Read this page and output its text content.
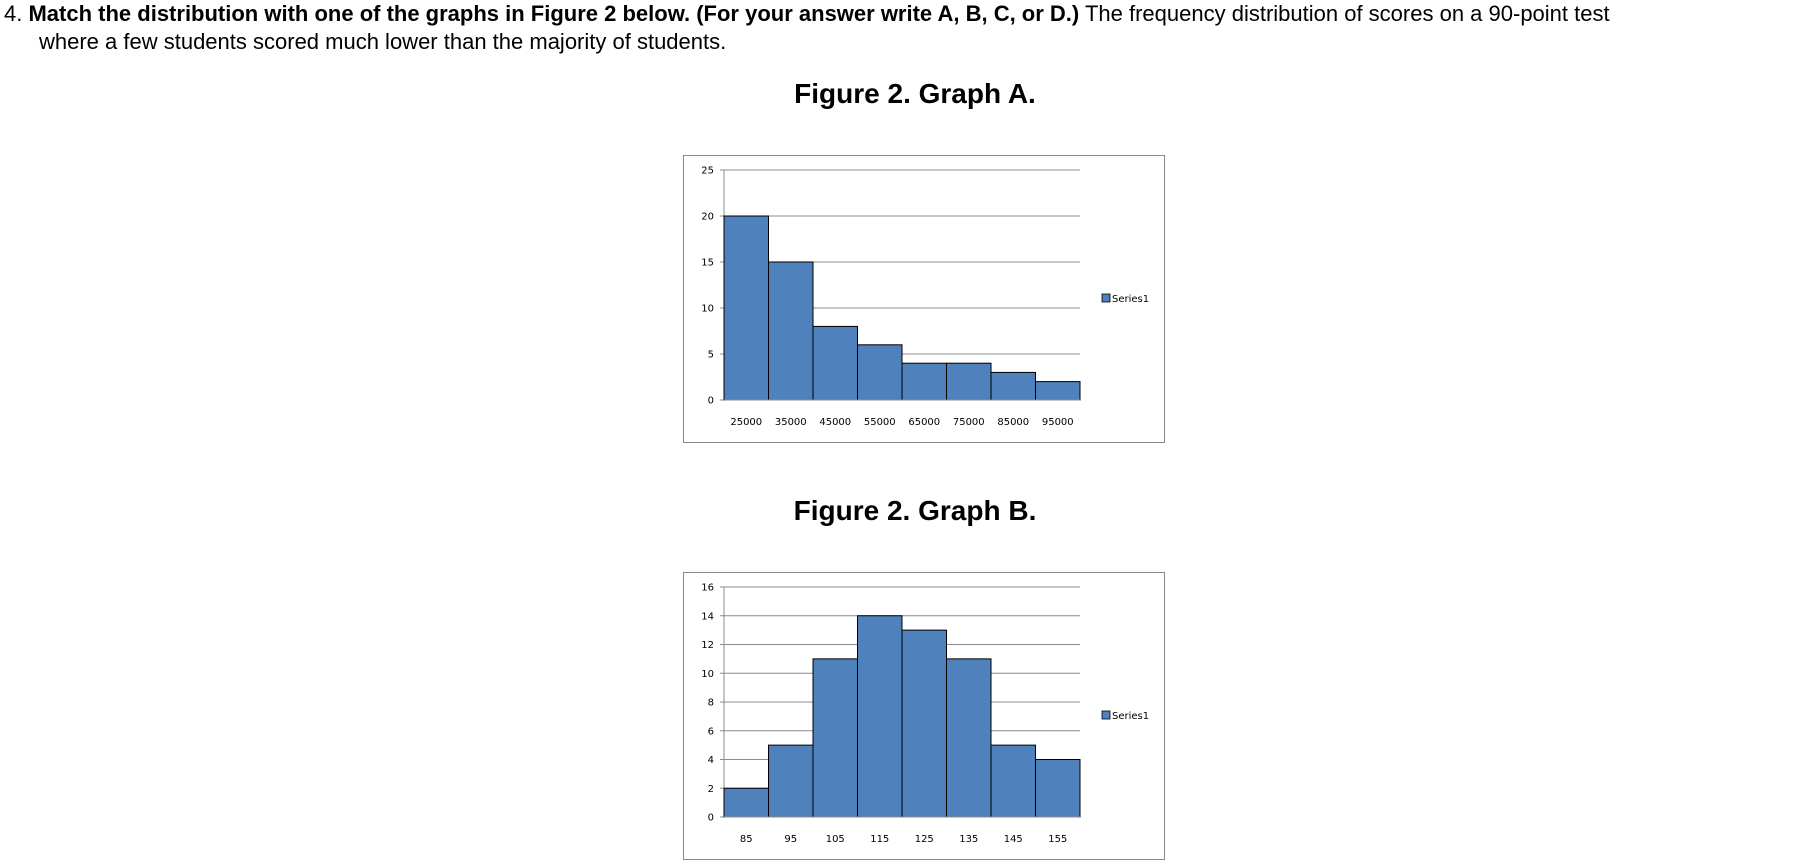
4. Match the distribution with one of the graphs in Figure 2 below. (For your answer write A, B, C, or D.) The frequency distribution of scores on a 90-point test
where a few students scored much lower than the majority of students.
Figure 2. Graph A.
0
5
10
15
20
25
25000 35000 45000 55000 65000 75000 85000 95000
Series1
Figure 2. Graph B.
0
2
4
6
8
10
12
14
16
85	95	105	115	125	135	145	155
Series1
